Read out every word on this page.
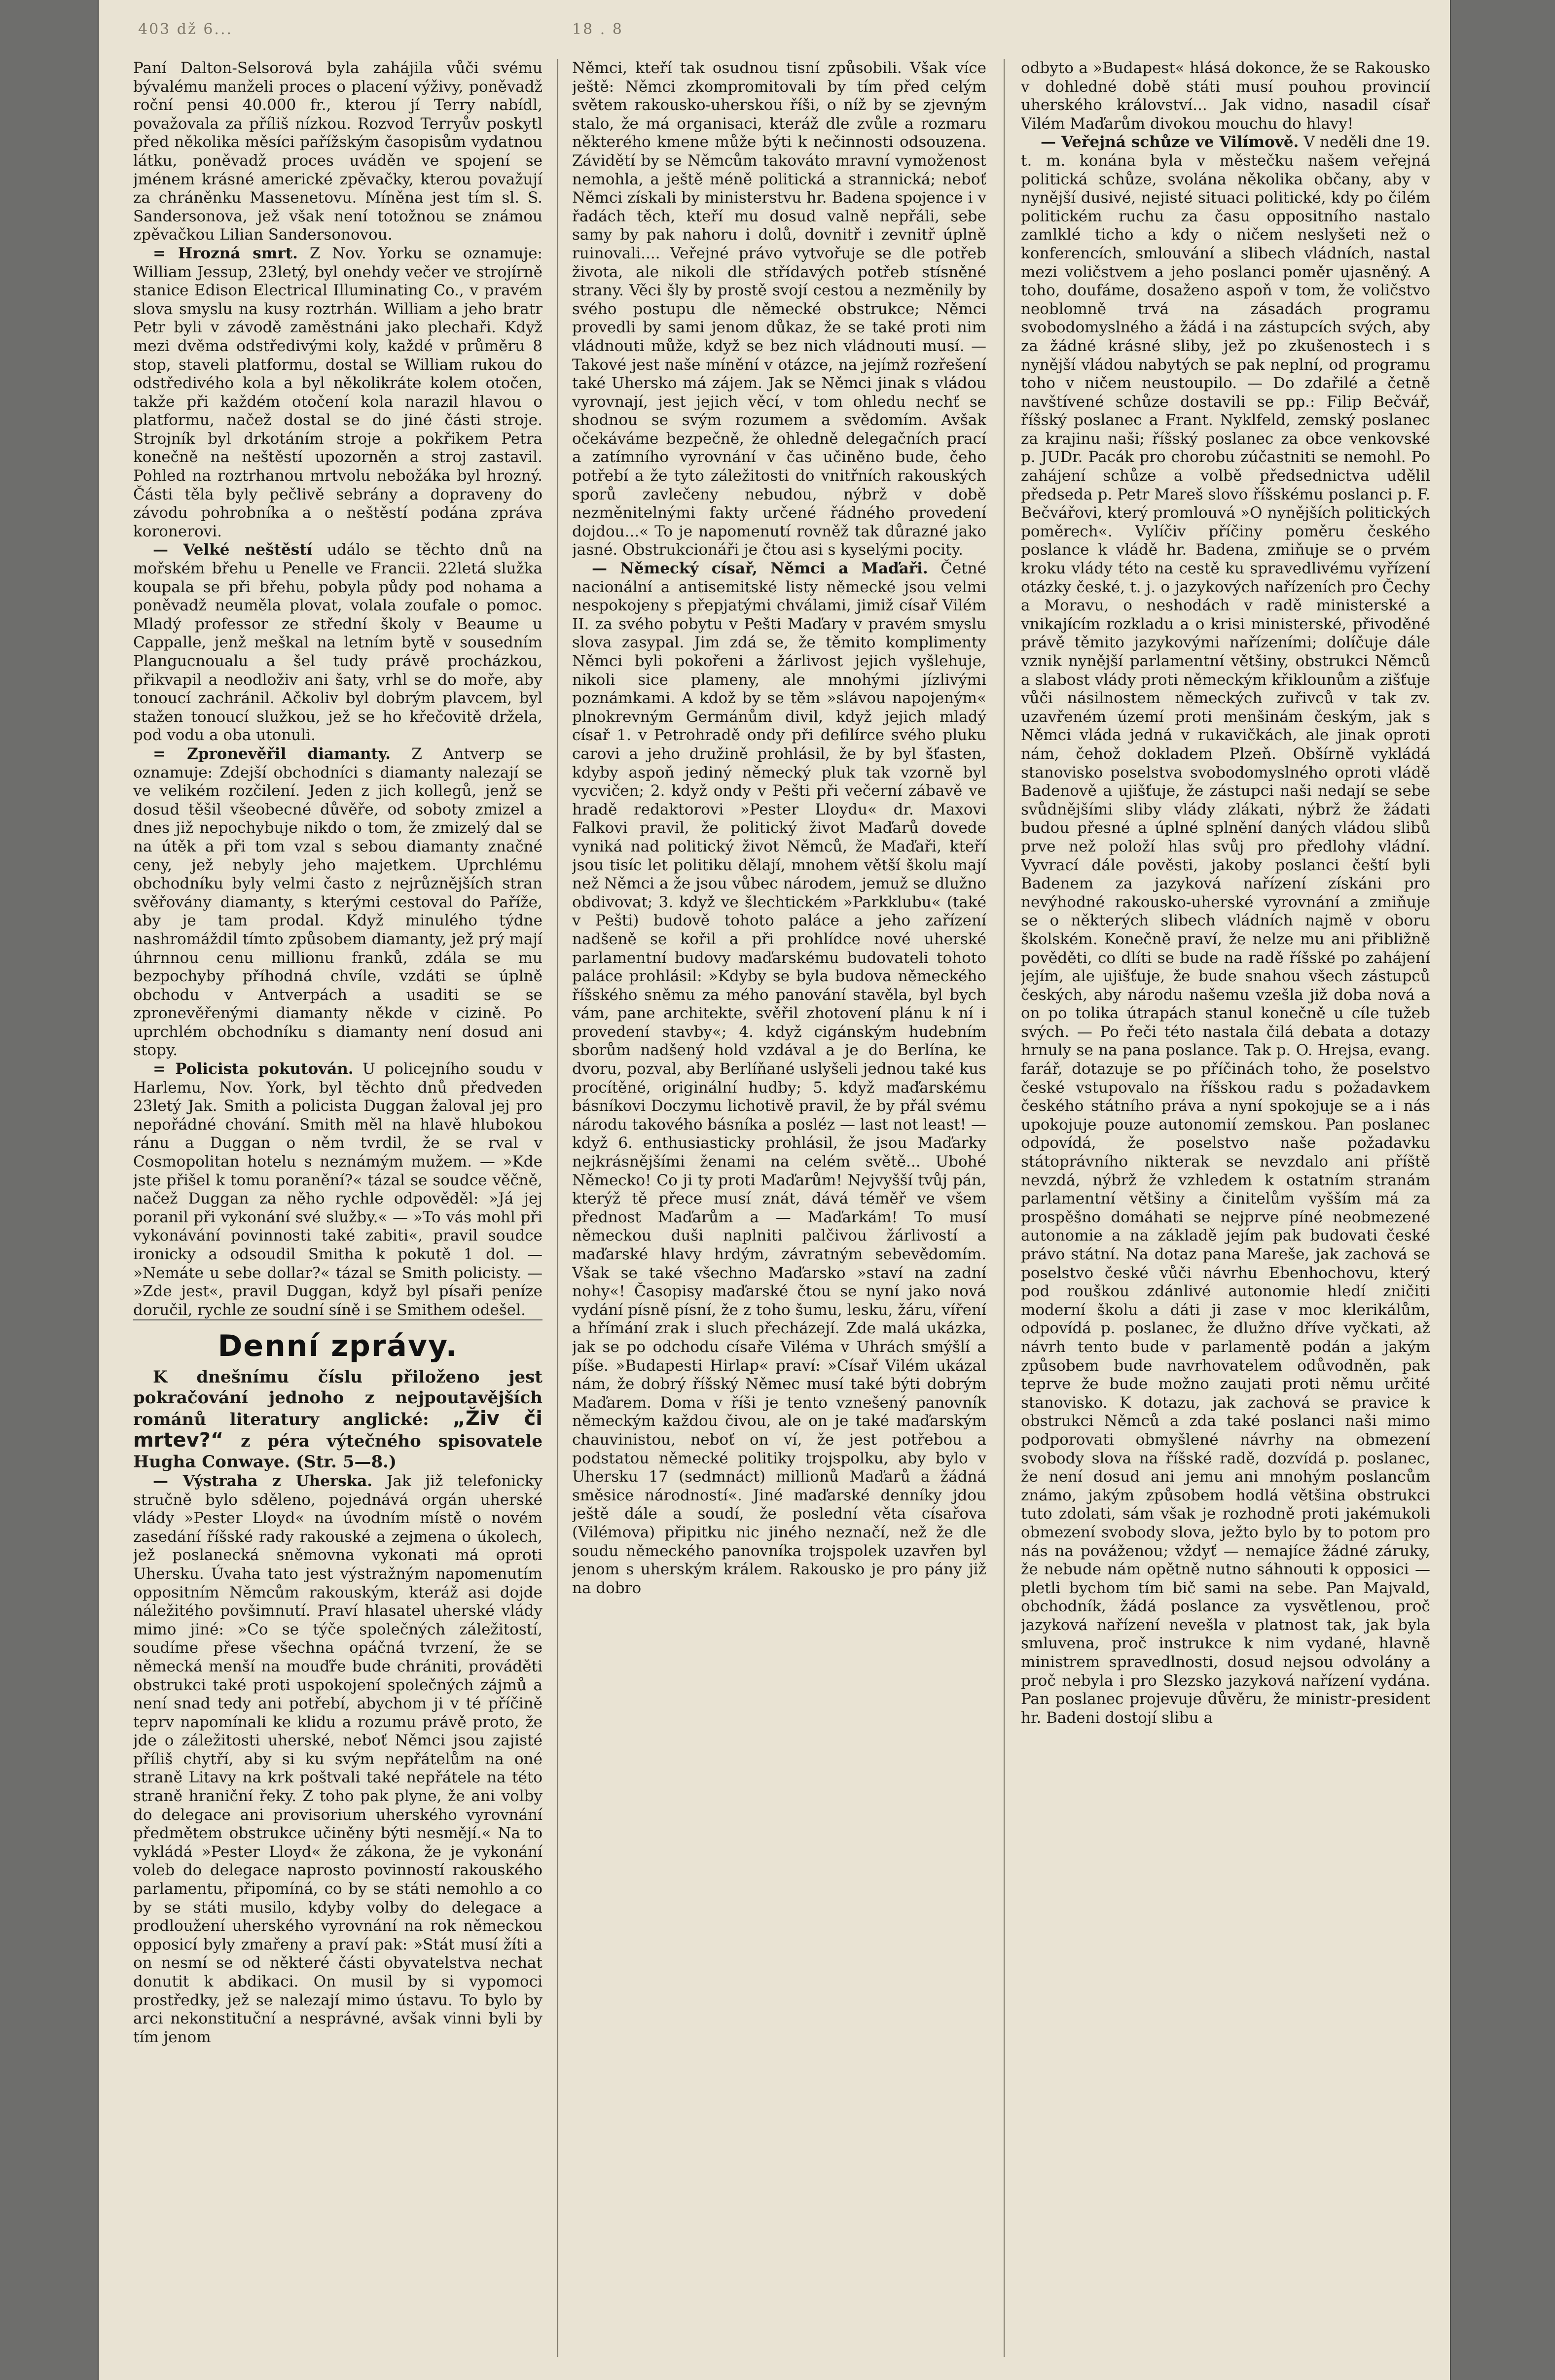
403 dž 6...	18 . 8

Paní Dalton-Selsorová byla zahájila vůči svému bývalému manželi proces o placení výživy, poněvadž roční pensi 40.000 fr., kterou jí Terry nabídl, považovala za příliš nízkou. Rozvod Terryův poskytl před několika měsíci pařížským časopisům vydatnou látku, poněvadž proces uváděn ve spojení se jménem krásné americké zpěvačky, kterou považují za chráněnku Massenetovu. Míněna jest tím sl. S. Sandersonova, jež však není totožnou se známou zpěvačkou Lilian Sandersonovou.

= Hrozná smrt. Z Nov. Yorku se oznamuje: William Jessup, 23letý, byl onehdy večer ve strojírně stanice Edison Electrical Illuminating Co., v pravém slova smyslu na kusy roztrhán. William a jeho bratr Petr byli v závodě zaměstnáni jako plechaři. Když mezi dvěma odstředivými koly, každé v průměru 8 stop, staveli platformu, dostal se William rukou do odstředivého kola a byl několikráte kolem otočen, takže při každém otočení kola narazil hlavou o platformu, načež dostal se do jiné části stroje. Strojník byl drkotáním stroje a pokřikem Petra konečně na neštěstí upozorněn a stroj zastavil. Pohled na roztrhanou mrtvolu nebožáka byl hrozný. Části těla byly pečlivě sebrány a dopraveny do závodu pohrobníka a o neštěstí podána zpráva koronerovi.

— Velké neštěstí událo se těchto dnů na mořském břehu u Penelle ve Francii. 22letá služka koupala se při břehu, pobyla půdy pod nohama a poněvadž neuměla plovat, volala zoufale o pomoc. Mladý professor ze střední školy v Beaume u Cappalle, jenž meškal na letním bytě v sousedním Plangucnoualu a šel tudy právě procházkou, přikvapil a neodloživ ani šaty, vrhl se do moře, aby tonoucí zachránil. Ačkoliv byl dobrým plavcem, byl stažen tonoucí služkou, jež se ho křečovitě držela, pod vodu a oba utonuli.

= Zpronevěřil diamanty. Z Antverp se oznamuje: Zdejší obchodníci s diamanty nalezají se ve velikém rozčilení. Jeden z jich kollegů, jenž se dosud těšil všeobecné důvěře, od soboty zmizel a dnes již nepochybuje nikdo o tom, že zmizelý dal se na útěk a při tom vzal s sebou diamanty značné ceny, jež nebyly jeho majetkem. Uprchlému obchodníku byly velmi často z nejrůznějších stran svěřovány diamanty, s kterými cestoval do Paříže, aby je tam prodal. Když minulého týdne nashromáždil tímto způsobem diamanty, jež prý mají úhrnnou cenu millionu franků, zdála se mu bezpochyby příhodná chvíle, vzdáti se úplně obchodu v Antverpách a usaditi se se zpronevěřenými diamanty někde v cizině. Po uprchlém obchodníku s diamanty není dosud ani stopy.

= Policista pokutován. U policejního soudu v Harlemu, Nov. York, byl těchto dnů předveden 23letý Jak. Smith a policista Duggan žaloval jej pro nepořádné chování. Smith měl na hlavě hlubokou ránu a Duggan o něm tvrdil, že se rval v Cosmopolitan hotelu s neznámým mužem. — »Kde jste přišel k tomu poranění?« tázal se soudce věčně, načež Duggan za něho rychle odpověděl: »Já jej poranil při vykonání své služby.« — »To vás mohl při vykonávání povinnosti také zabiti«, pravil soudce ironicky a odsoudil Smitha k pokutě 1 dol. — »Nemáte u sebe dollar?« tázal se Smith policisty. — »Zde jest«, pravil Duggan, když byl písaři peníze doručil, rychle ze soudní síně i se Smithem odešel.

Denní zprávy.

K dnešnímu číslu přiloženo jest pokračování jednoho z nejpoutavějších románů literatury anglické: „Živ či mrtev?“ z péra výtečného spisovatele Hugha Conwaye. (Str. 5—8.)

— Výstraha z Uherska. Jak již telefonicky stručně bylo sděleno, pojednává orgán uherské vlády »Pester Lloyd« na úvodním místě o novém zasedání říšské rady rakouské a zejmena o úkolech, jež poslanecká sněmovna vykonati má oproti Uhersku. Úvaha tato jest výstražným napomenutím oppositním Němcům rakouským, kteráž asi dojde náležitého povšimnutí. Praví hlasatel uherské vlády mimo jiné: »Co se týče společných záležitostí, soudíme přese všechna opáčná tvrzení, že se německá menší na mouďře bude chrániti, prováděti obstrukci také proti uspokojení společných zájmů a není snad tedy ani potřebí, abychom ji v té příčině teprv napomínali ke klidu a rozumu právě proto, že jde o záležitosti uherské, neboť Němci jsou zajisté příliš chytří, aby si ku svým nepřátelům na oné straně Litavy na krk poštvali také nepřátele na této straně hraniční řeky. Z toho pak plyne, že ani volby do delegace ani provisorium uherského vyrovnání předmětem obstrukce učiněny býti nesmějí.« Na to vykládá »Pester Lloyd« že zákona, že je vykonání voleb do delegace naprosto povinností rakouského parlamentu, připomíná, co by se státi nemohlo a co by se státi musilo, kdyby volby do delegace a prodloužení uherského vyrovnání na rok německou opposicí byly zmařeny a praví pak: »Stát musí žíti a on nesmí se od některé části obyvatelstva nechat donutit k abdikaci. On musil by si vypomoci prostředky, jež se nalezají mimo ústavu. To bylo by arci nekonstituční a nesprávné, avšak vinni byli by tím jenom

Němci, kteří tak osudnou tisní způsobili. Však více ještě: Němci zkompromitovali by tím před celým světem rakousko-uherskou říši, o níž by se zjevným stalo, že má organisaci, kteráž dle zvůle a rozmaru některého kmene může býti k nečinnosti odsouzena. Závidětí by se Němcům takováto mravní vymoženost nemohla, a ještě méně politická a strannická; neboť Němci získali by ministerstvu hr. Badena spojence i v řadách těch, kteří mu dosud valně nepřáli, sebe samy by pak nahoru i dolů, dovnitř i zevnitř úplně ruinovali.... Veřejné právo vytvořuje se dle potřeb života, ale nikoli dle střídavých potřeb stísněné strany. Věci šly by prostě svojí cestou a nezměnily by svého postupu dle německé obstrukce; Němci provedli by sami jenom důkaz, že se také proti nim vládnouti může, když se bez nich vládnouti musí. — Takové jest naše mínění v otázce, na jejímž rozřešení také Uhersko má zájem. Jak se Němci jinak s vládou vyrovnají, jest jejich věcí, v tom ohledu nechť se shodnou se svým rozumem a svědomím. Avšak očekáváme bezpečně, že ohledně delegačních prací a zatímního vyrovnání v čas učiněno bude, čeho potřebí a že tyto záležitosti do vnitřních rakouských sporů zavlečeny nebudou, nýbrž v době nezměnitelnými fakty určené řádného provedení dojdou...« To je napomenutí rovněž tak důrazné jako jasné. Obstrukcionáři je čtou asi s kyselými pocity.

— Německý císař, Němci a Maďaři. Četné nacionální a antisemitské listy německé jsou velmi nespokojeny s přepjatými chválami, jimiž císař Vilém II. za svého pobytu v Pešti Maďary v pravém smyslu slova zasypal. Jim zdá se, že těmito komplimenty Němci byli pokořeni a žárlivost jejich vyšlehuje, nikoli sice plameny, ale mnohými jízlivými poznámkami. A kdož by se těm »slávou napojeným« plnokrevným Germánům divil, když jejich mladý císař 1. v Petrohradě ondy při defilírce svého pluku carovi a jeho družině prohlásil, že by byl šťasten, kdyby aspoň jediný německý pluk tak vzorně byl vycvičen; 2. když ondy v Pešti při večerní zábavě ve hradě redaktorovi »Pester Lloydu« dr. Maxovi Falkovi pravil, že politický život Maďarů dovede vyniká nad politický život Němců, že Maďaři, kteří jsou tisíc let politiku dělají, mnohem větší školu mají než Němci a že jsou vůbec národem, jemuž se dlužno obdivovat; 3. když ve šlechtickém »Parkklubu« (také v Pešti) budově tohoto paláce a jeho zařízení nadšeně se kořil a při prohlídce nové uherské parlamentní budovy maďarskému budovateli tohoto paláce prohlásil: »Kdyby se byla budova německého říšského sněmu za mého panování stavěla, byl bych vám, pane architekte, svěřil zhotovení plánu k ní i provedení stavby«; 4. když cigánským hudebním sborům nadšený hold vzdával a je do Berlína, ke dvoru, pozval, aby Berlíňané uslyšeli jednou také kus procítěné, originální hudby; 5. když maďarskému básníkovi Doczymu lichotivě pravil, že by přál svému národu takového básníka a posléz — last not least! — když 6. enthusiasticky prohlásil, že jsou Maďarky nejkrásnějšími ženami na celém světě... Ubohé Německo! Co ji ty proti Maďarům! Nejvyšší tvůj pán, kterýž tě přece musí znát, dává téměř ve všem přednost Maďarům a — Maďarkám! To musí německou duši naplniti palčivou žárlivostí a maďarské hlavy hrdým, závratným sebevědomím. Však se také všechno Maďarsko »staví na zadní nohy«! Časopisy maďarské čtou se nyní jako nová vydání písně písní, že z toho šumu, lesku, žáru, víření a hřímání zrak i sluch přecházejí. Zde malá ukázka, jak se po odchodu císaře Viléma v Uhrách smýšlí a píše. »Budapesti Hirlap« praví: »Císař Vilém ukázal nám, že dobrý říšský Němec musí také býti dobrým Maďarem. Doma v říši je tento vznešený panovník německým každou čivou, ale on je také maďarským chauvinistou, neboť on ví, že jest potřebou a podstatou německé politiky trojspolku, aby bylo v Uhersku 17 (sedmnáct) millionů Maďarů a žádná směsice národností«. Jiné maďarské denníky jdou ještě dále a soudí, že poslední věta císařova (Vilémova) připitku nic jiného neznačí, než že dle soudu německého panovníka trojspolek uzavřen byl jenom s uherským králem. Rakousko je pro pány již na dobro

odbyto a »Budapest« hlásá dokonce, že se Rakousko v dohledné době státi musí pouhou provincií uherského království... Jak vidno, nasadil císař Vilém Maďarům divokou mouchu do hlavy!

— Veřejná schůze ve Vilímově. V neděli dne 19. t. m. konána byla v městečku našem veřejná politická schůze, svolána několika občany, aby v nynější dusivé, nejisté situaci politické, kdy po čilém politickém ruchu za času oppositního nastalo zamlklé ticho a kdy o ničem neslyšeti než o konferencích, smlouvání a slibech vládních, nastal mezi voličstvem a jeho poslanci poměr ujasněný. A toho, doufáme, dosaženo aspoň v tom, že voličstvo neoblomně trvá na zásadách programu svobodomyslného a žádá i na zástupcích svých, aby za žádné krásné sliby, jež po zkušenostech i s nynější vládou nabytých se pak neplní, od programu toho v ničem neustoupilo. — Do zdařilé a četně navštívené schůze dostavili se pp.: Filip Bečvář, říšský poslanec a Frant. Nyklfeld, zemský poslanec za krajinu naši; říšský poslanec za obce venkovské p. JUDr. Pacák pro chorobu zúčastniti se nemohl. Po zahájení schůze a volbě předsednictva udělil předseda p. Petr Mareš slovo říšskému poslanci p. F. Bečvářovi, který promlouvá »O nynějších politických poměrech«. Vylíčiv příčiny poměru českého poslance k vládě hr. Badena, zmiňuje se o prvém kroku vlády této na cestě ku spravedlivému vyřízení otázky české, t. j. o jazykových nařízeních pro Čechy a Moravu, o neshodách v radě ministerské a vnikajícím rozkladu a o krisi ministerské, přivoděné právě těmito jazykovými nařízeními; dolíčuje dále vznik nynější parlamentní většiny, obstrukci Němců a slabost vlády proti německým křiklounům a zišťuje vůči násilnostem německých zuřivců v tak zv. uzavřeném území proti menšinám českým, jak s Němci vláda jedná v rukavičkách, ale jinak oproti nám, čehož dokladem Plzeň. Obšírně vykládá stanovisko poselstva svobodomyslného oproti vládě Badenově a ujišťuje, že zástupci naši nedají se sebe svůdnějšími sliby vlády zlákati, nýbrž že žádati budou přesné a úplné splnění daných vládou slibů prve než položí hlas svůj pro předlohy vládní. Vyvrací dále pověsti, jakoby poslanci čeští byli Badenem za jazyková nařízení získáni pro nevýhodné rakousko-uherské vyrovnání a zmiňuje se o některých slibech vládních najmě v oboru školském. Konečně praví, že nelze mu ani přibližně pověděti, co dlíti se bude na radě říšské po zahájení jejím, ale ujišťuje, že bude snahou všech zástupců českých, aby národu našemu vzešla již doba nová a on po tolika útrapách stanul konečně u cíle tužeb svých. — Po řeči této nastala čilá debata a dotazy hrnuly se na pana poslance. Tak p. O. Hrejsa, evang. farář, dotazuje se po příčinách toho, že poselstvo české vstupovalo na říšskou radu s požadavkem českého státního práva a nyní spokojuje se a i nás upokojuje pouze autonomií zemskou. Pan poslanec odpovídá, že poselstvo naše požadavku státoprávního nikterak se nevzdalo ani příště nevzdá, nýbrž že vzhledem k ostatním stranám parlamentní většiny a činitelům vyšším má za prospěšno domáhati se nejprve píné neobmezené autonomie a na základě jejím pak budovati české právo státní. Na dotaz pana Mareše, jak zachová se poselstvo české vůči návrhu Ebenhochovu, který pod rouškou zdánlivé autonomie hledí zničiti moderní školu a dáti ji zase v moc klerikálům, odpovídá p. poslanec, že dlužno dříve vyčkati, až návrh tento bude v parlamentě podán a jakým způsobem bude navrhovatelem odůvodněn, pak teprve že bude možno zaujati proti němu určité stanovisko. K dotazu, jak zachová se pravice k obstrukci Němců a zda také poslanci naši mimo podporovati obmyšlené návrhy na obmezení svobody slova na říšské radě, dozvídá p. poslanec, že není dosud ani jemu ani mnohým poslancům známo, jakým způsobem hodlá většina obstrukci tuto zdolati, sám však je rozhodně proti jakémukoli obmezení svobody slova, ježto bylo by to potom pro nás na pováženou; vždyť — nemajíce žádné záruky, že nebude nám opětně nutno sáhnouti k opposici — pletli bychom tím bič sami na sebe. Pan Majvald, obchodník, žádá poslance za vysvětlenou, proč jazyková nařízení nevešla v platnost tak, jak byla smluvena, proč instrukce k nim vydané, hlavně ministrem spravedlnosti, dosud nejsou odvolány a proč nebyla i pro Slezsko jazyková nařízení vydána. Pan poslanec projevuje důvěru, že ministr-president hr. Badeni dostojí slibu a
